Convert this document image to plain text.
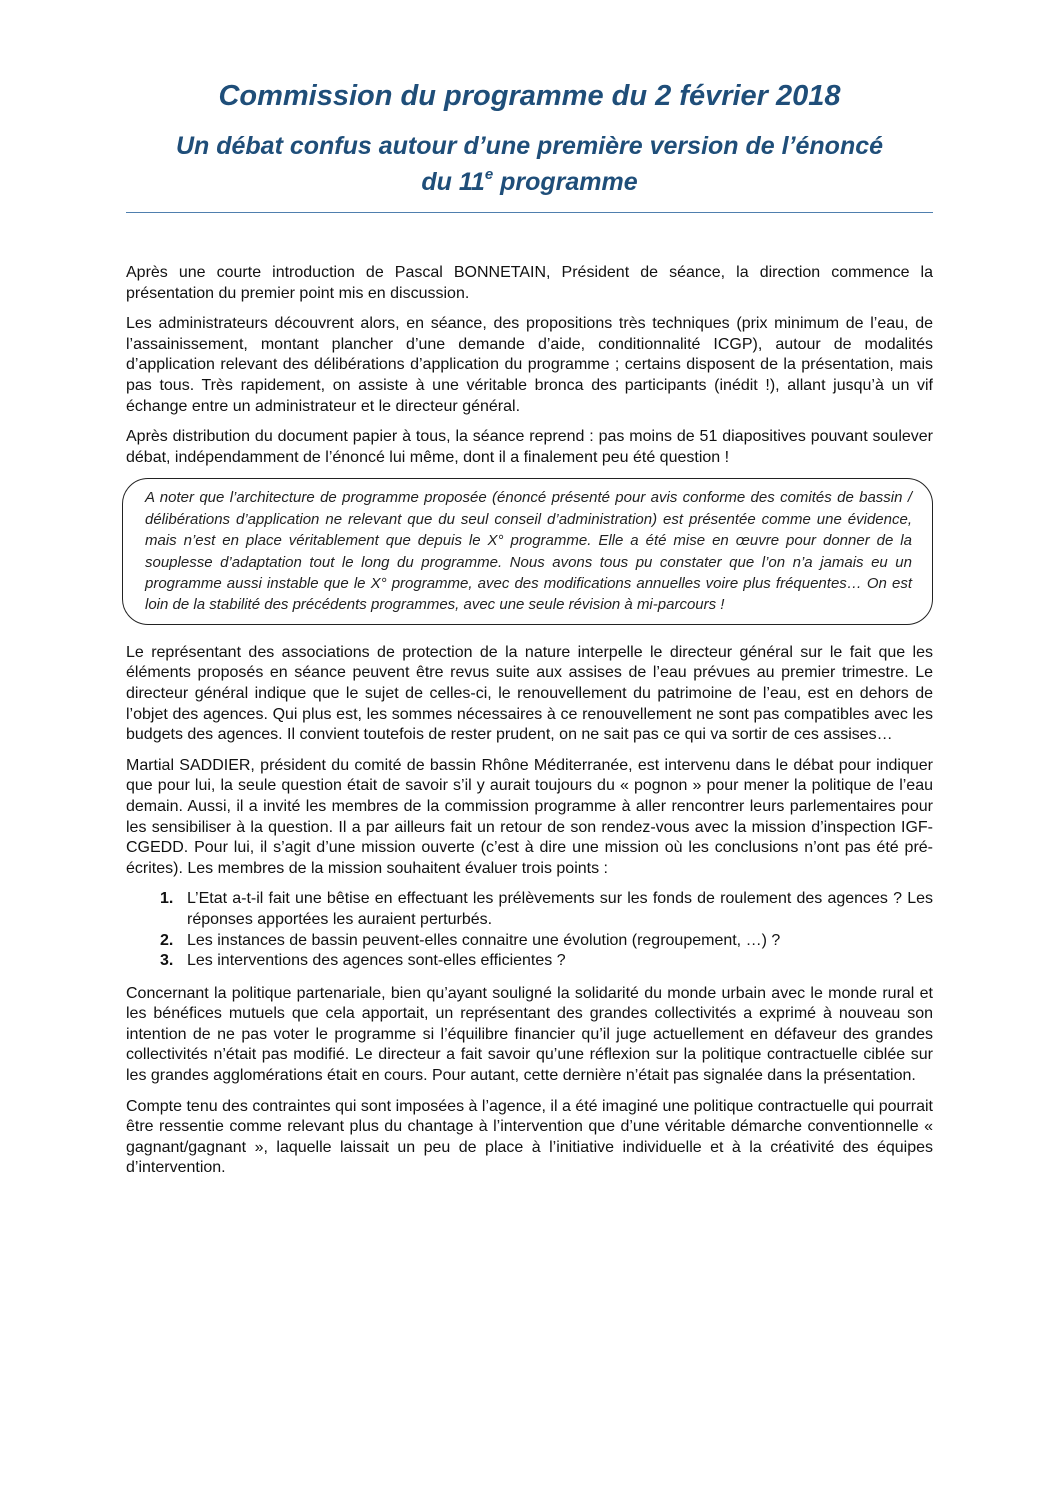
Commission du programme du 2 février 2018
Un débat confus autour d’une première version de l’énoncé
du 11e programme

Après une courte introduction de Pascal BONNETAIN, Président de séance, la direction commence la présentation du premier point mis en discussion.

Les administrateurs découvrent alors, en séance, des propositions très techniques (prix minimum de l’eau, de l’assainissement, montant plancher d’une demande d’aide, conditionnalité ICGP), autour de modalités d’application relevant des délibérations d’application du programme ; certains disposent de la présentation, mais pas tous. Très rapidement, on assiste à une véritable bronca des participants (inédit !), allant jusqu’à un vif échange entre un administrateur et le directeur général.

Après distribution du document papier à tous, la séance reprend : pas moins de 51 diapositives pouvant soulever débat, indépendamment de l’énoncé lui même, dont il a finalement peu été question !

A noter que l’architecture de programme proposée (énoncé présenté pour avis conforme des comités de bassin / délibérations d’application ne relevant que du seul conseil d’administration) est présentée comme une évidence, mais n’est en place véritablement que depuis le X° programme. Elle a été mise en œuvre pour donner de la souplesse d’adaptation tout le long du programme. Nous avons tous pu constater que l’on n’a jamais eu un programme aussi instable que le X° programme, avec des modifications annuelles voire plus fréquentes… On est loin de la stabilité des précédents programmes, avec une seule révision à mi-parcours !

Le représentant des associations de protection de la nature interpelle le directeur général sur le fait que les éléments proposés en séance peuvent être revus suite aux assises de l’eau prévues au premier trimestre. Le directeur général indique que le sujet de celles-ci, le renouvellement du patrimoine de l’eau, est en dehors de l’objet des agences. Qui plus est, les sommes nécessaires à ce renouvellement ne sont pas compatibles avec les budgets des agences. Il convient toutefois de rester prudent, on ne sait pas ce qui va sortir de ces assises…

Martial SADDIER, président du comité de bassin Rhône Méditerranée, est intervenu dans le débat pour indiquer que pour lui, la seule question était de savoir s’il y aurait toujours du « pognon » pour mener la politique de l’eau demain. Aussi, il a invité les membres de la commission programme à aller rencontrer leurs parlementaires pour les sensibiliser à la question. Il a par ailleurs fait un retour de son rendez-vous avec la mission d’inspection IGF-CGEDD. Pour lui, il s’agit d’une mission ouverte (c’est à dire une mission où les conclusions n’ont pas été pré-écrites). Les membres de la mission souhaitent évaluer trois points :

1. L’Etat a-t-il fait une bêtise en effectuant les prélèvements sur les fonds de roulement des agences ? Les réponses apportées les auraient perturbés.
2. Les instances de bassin peuvent-elles connaitre une évolution (regroupement, …) ?
3. Les interventions des agences sont-elles efficientes ?

Concernant la politique partenariale, bien qu’ayant souligné la solidarité du monde urbain avec le monde rural et les bénéfices mutuels que cela apportait, un représentant des grandes collectivités a exprimé à nouveau son intention de ne pas voter le programme si l’équilibre financier qu’il juge actuellement en défaveur des grandes collectivités n’était pas modifié. Le directeur a fait savoir qu’une réflexion sur la politique contractuelle ciblée sur les grandes agglomérations était en cours. Pour autant, cette dernière n’était pas signalée dans la présentation.

Compte tenu des contraintes qui sont imposées à l’agence, il a été imaginé une politique contractuelle qui pourrait être ressentie comme relevant plus du chantage à l’intervention que d’une véritable démarche conventionnelle « gagnant/gagnant », laquelle laissait un peu de place à l’initiative individuelle et à la créativité des équipes d’intervention.
